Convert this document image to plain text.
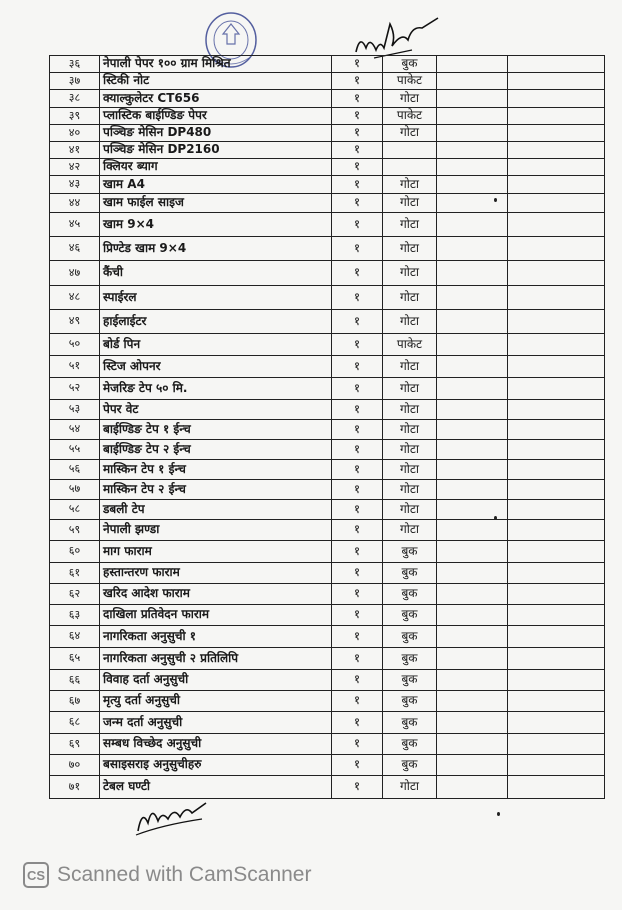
३६	नेपाली पेपर १०० ग्राम मिश्रित	१	बुक		
३७	स्टिकी नोट	१	पाकेट		
३८	क्याल्कुलेटर CT656	१	गोटा		
३९	प्लास्टिक बाईण्डिङ पेपर	१	पाकेट		
४०	पञ्चिङ मेसिन DP480	१	गोटा		
४१	पञ्चिङ मेसिन DP2160	१			
४२	क्लियर ब्याग	१			
४३	खाम A4	१	गोटा		
४४	खाम फाईल साइज	१	गोटा		
४५	खाम 9×4	१	गोटा		
४६	प्रिण्टेड खाम 9×4	१	गोटा		
४७	कैंची	१	गोटा		
४८	स्पाईरल	१	गोटा		
४९	हाईलाईटर	१	गोटा		
५०	बोर्ड पिन	१	पाकेट		
५१	स्टिज ओपनर	१	गोटा		
५२	मेजरिङ टेप ५० मि.	१	गोटा		
५३	पेपर वेट	१	गोटा		
५४	बाईण्डिङ टेप १ ईन्च	१	गोटा		
५५	बाईण्डिङ टेप २ ईन्च	१	गोटा		
५६	मास्किन टेप १ ईन्च	१	गोटा		
५७	मास्किन टेप २ ईन्च	१	गोटा		
५८	डबली टेप	१	गोटा		
५९	नेपाली झण्डा	१	गोटा		
६०	माग फाराम	१	बुक		
६१	हस्तान्तरण फाराम	१	बुक		
६२	खरिद आदेश फाराम	१	बुक		
६३	दाखिला प्रतिवेदन फाराम	१	बुक		
६४	नागरिकता अनुसुची १	१	बुक		
६५	नागरिकता अनुसुची २ प्रतिलिपि	१	बुक		
६६	विवाह दर्ता अनुसुची	१	बुक		
६७	मृत्यु दर्ता अनुसुची	१	बुक		
६८	जन्म दर्ता अनुसुची	१	बुक		
६९	सम्बध विच्छेद अनुसुची	१	बुक		
७०	बसाइसराइ अनुसुचीहरु	१	बुक		
७१	टेबल घण्टी	१	गोटा		
CS Scanned with CamScanner
